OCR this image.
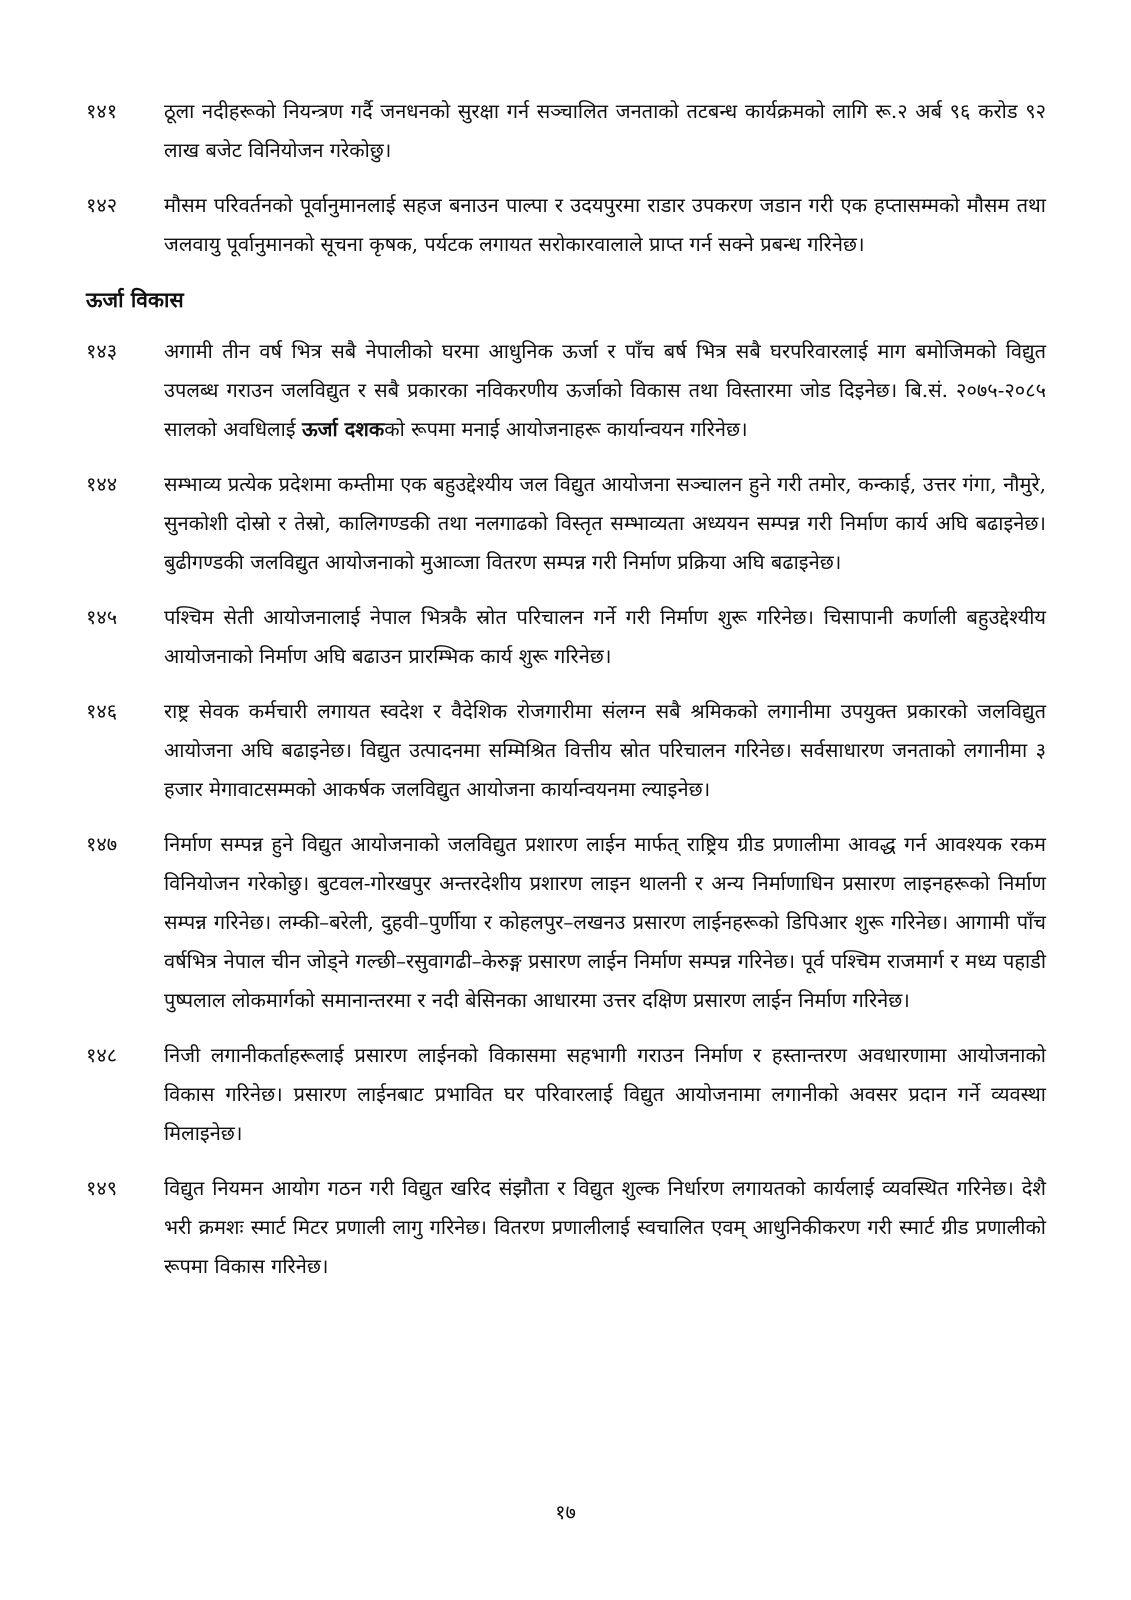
१४१	ठूला नदीहरूको नियन्त्रण गर्दै जनधनको सुरक्षा गर्न सञ्चालित जनताको तटबन्ध कार्यक्रमको लागि रू.२ अर्ब ९६ करोड ९२ लाख बजेट विनियोजन गरेकोछु।
१४२	मौसम परिवर्तनको पूर्वानुमानलाई सहज बनाउन पाल्पा र उदयपुरमा राडार उपकरण जडान गरी एक हप्तासम्मको मौसम तथा जलवायु पूर्वानुमानको सूचना कृषक, पर्यटक लगायत सरोकारवालाले प्राप्त गर्न सक्ने प्रबन्ध गरिनेछ।
ऊर्जा विकास
१४३	अगामी तीन वर्ष भित्र सबै नेपालीको घरमा आधुनिक ऊर्जा र पाँच बर्ष भित्र सबै घरपरिवारलाई माग बमोजिमको विद्युत उपलब्ध गराउन जलविद्युत र सबै प्रकारका नविकरणीय ऊर्जाको विकास तथा विस्तारमा जोड दिइनेछ। बि.सं. २०७५-२०८५ सालको अवधिलाई ऊर्जा दशकको रूपमा मनाई आयोजनाहरू कार्यान्वयन गरिनेछ।
१४४	सम्भाव्य प्रत्येक प्रदेशमा कम्तीमा एक बहुउद्देश्यीय जल विद्युत आयोजना सञ्चालन हुने गरी तमोर, कन्काई, उत्तर गंगा, नौमुरे, सुनकोशी दोस्रो र तेस्रो, कालिगण्डकी तथा नलगाढको विस्तृत सम्भाव्यता अध्ययन सम्पन्न गरी निर्माण कार्य अघि बढाइनेछ। बुढीगण्डकी जलविद्युत आयोजनाको मुआव्जा वितरण सम्पन्न गरी निर्माण प्रक्रिया अघि बढाइनेछ।
१४५	पश्चिम सेती आयोजनालाई नेपाल भित्रकै स्रोत परिचालन गर्ने गरी निर्माण शुरू गरिनेछ। चिसापानी कर्णाली बहुउद्देश्यीय आयोजनाको निर्माण अघि बढाउन प्रारम्भिक कार्य शुरू गरिनेछ।
१४६	राष्ट्र सेवक कर्मचारी लगायत स्वदेश र वैदेशिक रोजगारीमा संलग्न सबै श्रमिकको लगानीमा उपयुक्त प्रकारको जलविद्युत आयोजना अघि बढाइनेछ। विद्युत उत्पादनमा सम्मिश्रित वित्तीय स्रोत परिचालन गरिनेछ। सर्वसाधारण जनताको लगानीमा ३ हजार मेगावाटसम्मको आकर्षक जलविद्युत आयोजना कार्यान्वयनमा ल्याइनेछ।
१४७	निर्माण सम्पन्न हुने विद्युत आयोजनाको जलविद्युत प्रशारण लाईन मार्फत् राष्ट्रिय ग्रीड प्रणालीमा आवद्ध गर्न आवश्यक रकम विनियोजन गरेकोछु। बुटवल-गोरखपुर अन्तरदेशीय प्रशारण लाइन थालनी र अन्य निर्माणाधिन प्रसारण लाइनहरूको निर्माण सम्पन्न गरिनेछ। लम्की–बरेली, दुहवी–पुर्णीया र कोहलपुर–लखनउ प्रसारण लाईनहरूको डिपिआर शुरू गरिनेछ। आगामी पाँच वर्षभित्र नेपाल चीन जोड्ने गल्छी–रसुवागढी–केरुङ्ग प्रसारण लाईन निर्माण सम्पन्न गरिनेछ। पूर्व पश्चिम राजमार्ग र मध्य पहाडी पुष्पलाल लोकमार्गको समानान्तरमा र नदी बेसिनका आधारमा उत्तर दक्षिण प्रसारण लाईन निर्माण गरिनेछ।
१४८	निजी लगानीकर्ताहरूलाई प्रसारण लाईनको विकासमा सहभागी गराउन निर्माण र हस्तान्तरण अवधारणामा आयोजनाको विकास गरिनेछ। प्रसारण लाईनबाट प्रभावित घर परिवारलाई विद्युत आयोजनामा लगानीको अवसर प्रदान गर्ने व्यवस्था मिलाइनेछ।
१४९	विद्युत नियमन आयोग गठन गरी विद्युत खरिद संझौता र विद्युत शुल्क निर्धारण लगायतको कार्यलाई व्यवस्थित गरिनेछ। देशै भरी क्रमशः स्मार्ट मिटर प्रणाली लागु गरिनेछ। वितरण प्रणालीलाई स्वचालित एवम् आधुनिकीकरण गरी स्मार्ट ग्रीड प्रणालीको रूपमा विकास गरिनेछ।
१७
